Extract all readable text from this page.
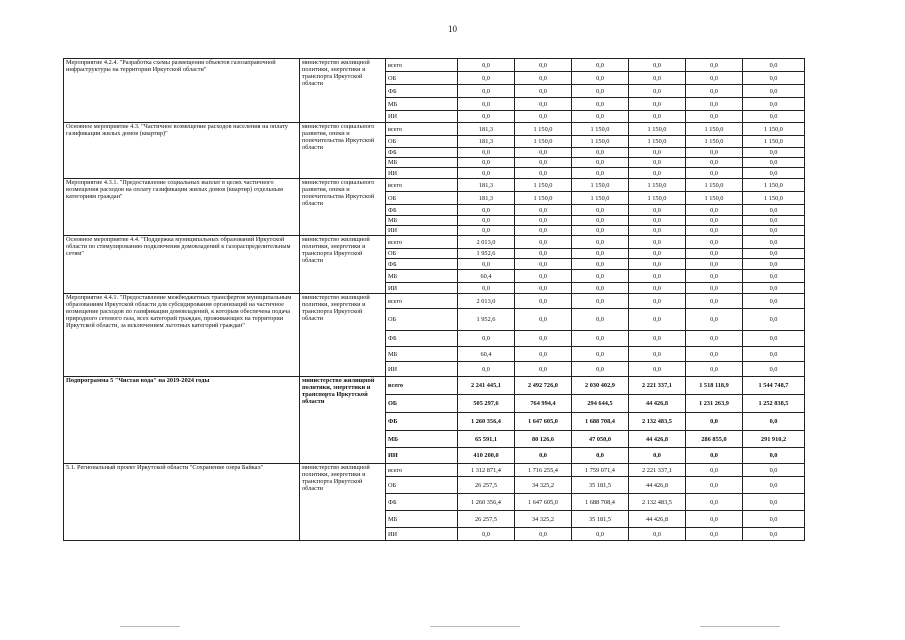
10
Мероприятие 4.2.4. "Разработка схемы размещения объектов газозаправочной инфраструктуры на территории Иркутской области"	министерство жилищной политики, энергетики и транспорта Иркутской области	всего	0,0	0,0	0,0	0,0	0,0	0,0
		ОБ	0,0	0,0	0,0	0,0	0,0	0,0
		ФБ	0,0	0,0	0,0	0,0	0,0	0,0
		МБ	0,0	0,0	0,0	0,0	0,0	0,0
		ИИ	0,0	0,0	0,0	0,0	0,0	0,0
Основное мероприятие 4.3. "Частичное возмещение расходов населения на оплату газификации жилых домов (квартир)"	министерство социального развития, опеки и попечительства Иркутской области	всего	181,3	1 150,0	1 150,0	1 150,0	1 150,0	1 150,0
		ОБ	181,3	1 150,0	1 150,0	1 150,0	1 150,0	1 150,0
		ФБ	0,0	0,0	0,0	0,0	0,0	0,0
		МБ	0,0	0,0	0,0	0,0	0,0	0,0
		ИИ	0,0	0,0	0,0	0,0	0,0	0,0
Мероприятие 4.3.1. "Предоставление социальных выплат в целях частичного возмещения расходов на оплату газификации жилых домов (квартир) отдельным категориям граждан"	министерство социального развития, опеки и попечительства Иркутской области	всего	181,3	1 150,0	1 150,0	1 150,0	1 150,0	1 150,0
		ОБ	181,3	1 150,0	1 150,0	1 150,0	1 150,0	1 150,0
		ФБ	0,0	0,0	0,0	0,0	0,0	0,0
		МБ	0,0	0,0	0,0	0,0	0,0	0,0
		ИИ	0,0	0,0	0,0	0,0	0,0	0,0
Основное мероприятие 4.4. "Поддержка муниципальных образований Иркутской области по стимулированию подключения домовладений к газораспределительным сетям"	министерство жилищной политики, энергетики и транспорта Иркутской области	всего	2 013,0	0,0	0,0	0,0	0,0	0,0
		ОБ	1 952,6	0,0	0,0	0,0	0,0	0,0
		ФБ	0,0	0,0	0,0	0,0	0,0	0,0
		МБ	60,4	0,0	0,0	0,0	0,0	0,0
		ИИ	0,0	0,0	0,0	0,0	0,0	0,0
Мероприятие 4.4.1. "Предоставление межбюджетных трансфертов муниципальным образованиям Иркутской области для субсидирования организаций на частичное возмещение расходов по газификации домовладений, к которым обеспечена подача природного сетевого газа, всех категорий граждан, проживающих на территории Иркутской области, за исключением льготных категорий граждан"	министерство жилищной политики, энергетики и транспорта Иркутской области	всего	2 013,0	0,0	0,0	0,0	0,0	0,0
		ОБ	1 952,6	0,0	0,0	0,0	0,0	0,0
		ФБ	0,0	0,0	0,0	0,0	0,0	0,0
		МБ	60,4	0,0	0,0	0,0	0,0	0,0
		ИИ	0,0	0,0	0,0	0,0	0,0	0,0
Подпрограмма 5 "Чистая вода" на 2019-2024 годы	министерство жилищной политики, энергетики и транспорта Иркутской области	всего	2 241 445,1	2 492 726,0	2 030 402,9	2 221 337,1	1 518 118,9	1 544 748,7
		ОБ	505 297,6	764 994,4	294 644,5	44 426,8	1 231 263,9	1 252 838,5
		ФБ	1 260 356,4	1 647 605,0	1 688 708,4	2 132 483,5	0,0	0,0
		МБ	65 591,1	80 126,6	47 050,0	44 426,8	286 855,0	291 910,2
		ИИ	410 200,0	0,0	0,0	0,0	0,0	0,0
5.1. Региональный проект Иркутской области "Сохранение озера Байкал"	министерство жилищной политики, энергетики и транспорта Иркутской области	всего	1 312 871,4	1 716 255,4	1 759 071,4	2 221 337,1	0,0	0,0
		ОБ	26 257,5	34 325,2	35 181,5	44 426,8	0,0	0,0
		ФБ	1 260 356,4	1 647 605,0	1 688 708,4	2 132 483,5	0,0	0,0
		МБ	26 257,5	34 325,2	35 181,5	44 426,8	0,0	0,0
		ИИ	0,0	0,0	0,0	0,0	0,0	0,0
